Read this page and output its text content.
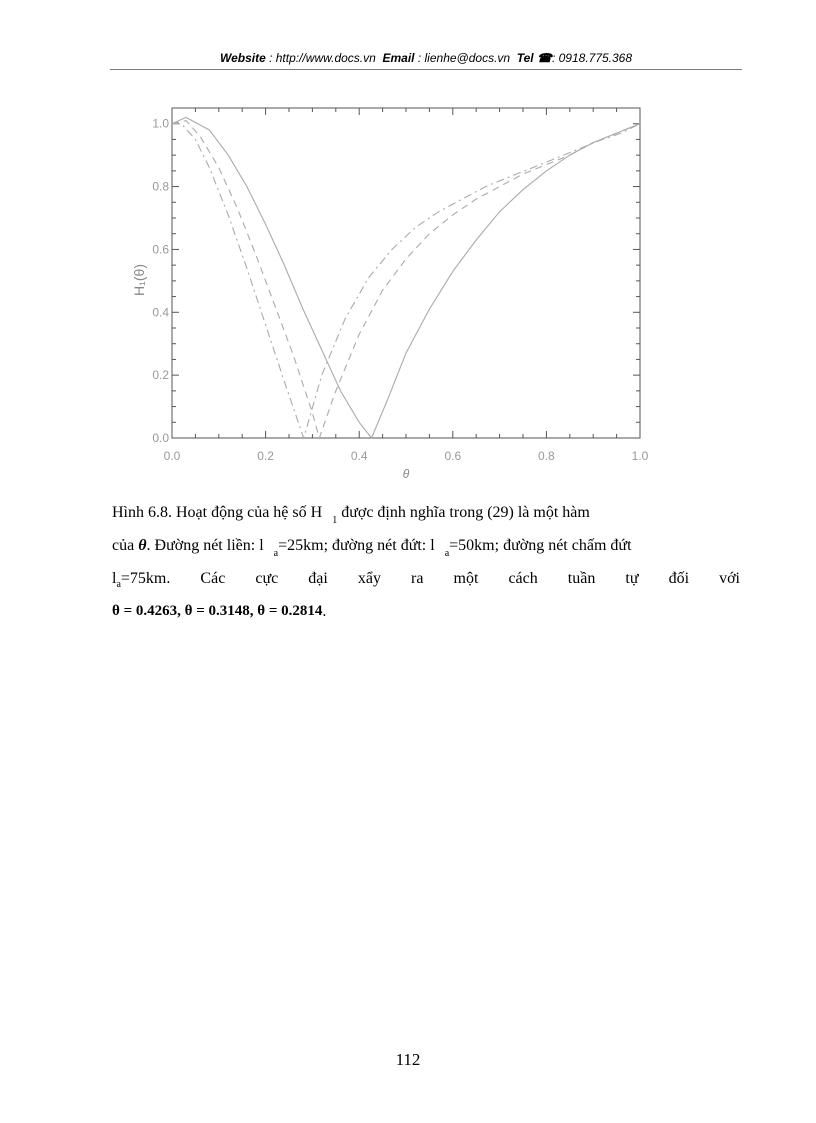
Website : http://www.docs.vn Email : lienhe@docs.vn Tel ☎: 0918.775.368
0.0	0.2	0.4	0.6	0.8	1.0
0.0
0.2
0.4
0.6
0.8
1.0
θ
H₁(θ)
Hình 6.8. Hoạt động của hệ số H $_1$ được định nghĩa trong (29) là một hàm
của θ. Đường nét liền: l $_a$=25km; đường nét đứt: l $_a$=50km; đường nét chấm đứt
$l_a=75km$. Các cực đại xẩy ra một cách tuần tự đối với
θ = 0.4263, θ = 0.3148, θ = 0.2814 .
112
